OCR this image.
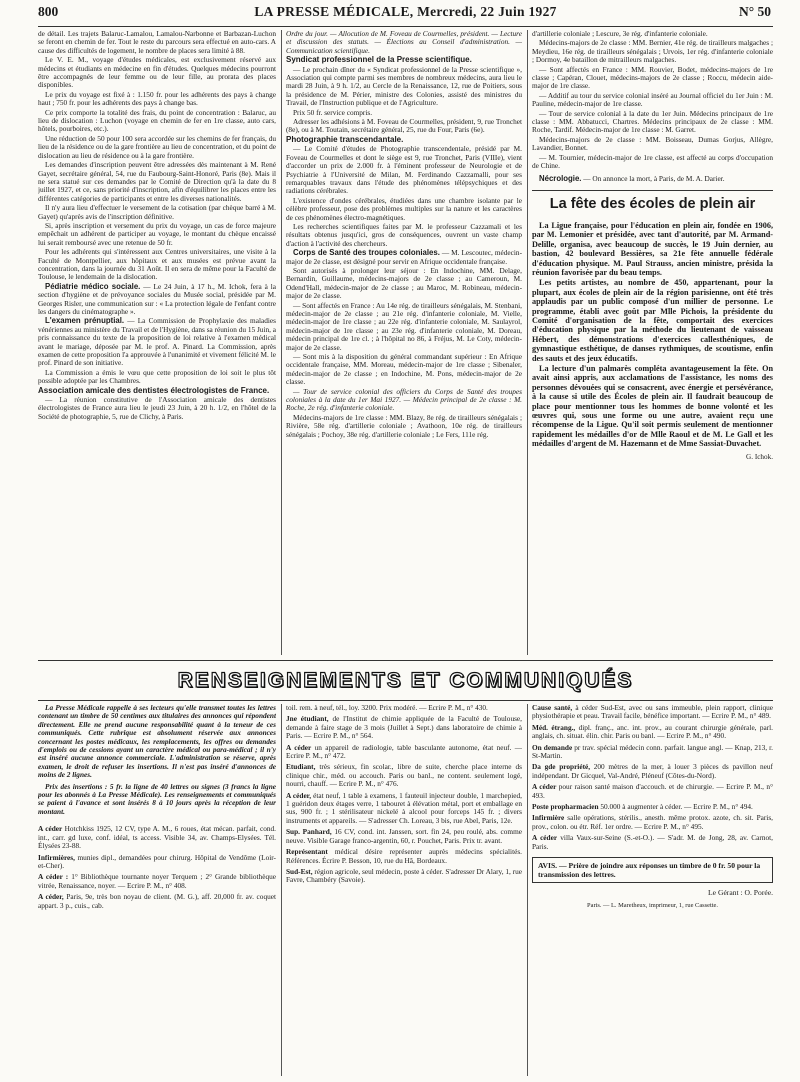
800	LA PRESSE MÉDICALE, Mercredi, 22 Juin 1927	N° 50

de détail. Les trajets Balaruc-Lamalou, Lamalou-Narbonne et Barbazan-Luchon se feront en chemin de fer. Tout le reste du parcours sera effectué en auto-cars. A cause des difficultés de logement, le nombre de places sera limité à 88.

Le V. E. M., voyage d'études médicales, est exclusivement réservé aux médecins et étudiants en médecine en fin d'études. Quelques médecins pourront être accompagnés de leur femme ou de leur fille, au prorata des places disponibles.

Le prix du voyage est fixé à : 1.150 fr. pour les adhérents des pays à change haut ; 750 fr. pour les adhérents des pays à change bas.

Ce prix comporte la totalité des frais, du point de concentration : Balaruc, au lieu de dislocation : Luchon (voyage en chemin de fer en 1re classe, auto cars, hôtels, pourboires, etc.).

Une réduction de 50 pour 100 sera accordée sur les chemins de fer français, du lieu de la résidence ou de la gare frontière au lieu de concentration, et du point de dislocation au lieu de résidence ou à la gare frontière.

Les demandes d'inscription peuvent être adressées dès maintenant à M. René Gayet, secrétaire général, 54, rue du Faubourg-Saint-Honoré, Paris (8e). Mais il ne sera statué sur ces demandes par le Comité de Direction qu'à la date du 8 juillet 1927, et ce, sans priorité d'inscription, afin d'équilibrer les places entre les différentes catégories de participants et entre les diverses nationalités.

Il n'y aura lieu d'effectuer le versement de la cotisation (par chèque barré à M. Gayet) qu'après avis de l'inscription définitive.

Si, après inscription et versement du prix du voyage, un cas de force majeure empêchait un adhérent de participer au voyage, le montant du chèque encaissé lui serait remboursé avec une retenue de 50 fr.

Pour les adhérents qui s'intéressent aux Centres universitaires, une visite à la Faculté de Montpellier, aux hôpitaux et aux musées est prévue avant la concentration, dans la journée du 31 Août. Il en sera de même pour la Faculté de Toulouse, le lendemain de la dislocation.

Pédiatrie médico sociale. — Le 24 Juin, à 17 h., M. Ichok, fera à la section d'hygiène et de prévoyance sociales du Musée social, présidée par M. Georges Risler, une communication sur : « La protection légale de l'enfant contre les dangers du cinématographe ».

L'examen prénuptial. — La Commission de Prophylaxie des maladies vénériennes au ministère du Travail et de l'Hygiène, dans sa réunion du 15 Juin, a pris connaissance du texte de la proposition de loi relative à l'examen médical avant le mariage, déposée par M. le prof. A. Pinard. La Commission, après examen de cette proposition l'a approuvée à l'unanimité et vivement félicité M. le prof. Pinard de son initiative.

La Commission a émis le vœu que cette proposition de loi soit le plus tôt possible adoptée par les Chambres.

Association amicale des dentistes électrologistes de France.

— La réunion constitutive de l'Association amicale des dentistes électrologistes de France aura lieu le jeudi 23 Juin, à 20 h. 1/2, en l'hôtel de la Société de photographie, 5, rue de Clichy, à Paris.

Ordre du jour. — Allocution de M. Foveau de Courmelles, président. — Lecture et discussion des statuts. — Élections au Conseil d'administration. — Communication scientifique.

Syndicat professionnel de la Presse scientifique.

— Le prochain dîner du « Syndicat professionnel de la Presse scientifique », Association qui compte parmi ses membres de nombreux médecins, aura lieu le mardi 28 Juin, à 9 h. 1/2, au Cercle de la Renaissance, 12, rue de Poitiers, sous la présidence de M. Périer, ministre des Colonies, assisté des ministres du Travail, de l'Instruction publique et de l'Agriculture.

Prix 50 fr. service compris.

Adresser les adhésions à M. Foveau de Courmelles, président, 9, rue Tronchet (8e), ou à M. Toutain, secrétaire général, 25, rue du Four, Paris (6e).

Photographie transcendantale.

— Le Comité d'études de Photographie transcendentale, présidé par M. Foveau de Courmelles et dont le siège est 9, rue Tronchet, Paris (VIIIe), vient d'accorder un prix de 2.000 fr. à l'éminent professeur de Neurologie et de Psychiatrie à l'Université de Milan, M. Ferdinando Cazzamalli, pour ses remarquables travaux dans l'étude des phénomènes télépsychiques et des radiations cérébrales.

L'existence d'ondes cérébrales, étudiées dans une chambre isolante par le célèbre professeur, pose des problèmes multiples sur la nature et les caractères de ces phénomènes électro-magnétiques.

Les recherches scientifiques faites par M. le professeur Cazzamali et les résultats obtenus jusqu'ici, gros de conséquences, ouvrent un vaste champ d'action à l'activité des chercheurs.

Corps de Santé des troupes coloniales. — M. Lescoutec, médecin-major de 2e classe, est désigné pour servir en Afrique occidentale française.

Sont autorisés à prolonger leur séjour : En Indochine, MM. Delage, Bernardin, Guillaume, médecins-majors de 2e classe ; au Cameroun, M. Odend'Hall, médecin-major de 2e classe ; au Maroc, M. Robineau, médecin-major de 2e classe.

— Sont affectés en France : Au 14e rég. de tirailleurs sénégalais, M. Stenbani, médecin-major de 2e classe ; au 21e rég. d'infanterie coloniale, M. Vielle, médecin-major de 1re classe ; au 22e rég. d'infanterie coloniale, M. Saulayrol, médecin-major de 1re classe ; au 23e rég. d'infanterie coloniale, M. Doreau, médecin principal de 1re cl. ; à l'hôpital no 86, à Fréjus, M. Le Coty, médecin-major de 2e classe.

— Sont mis à la disposition du général commandant supérieur : En Afrique occidentale française, MM. Moreau, médecin-major de 1re classe ; Sibenaler, médecin-major de 2e classe ; en Indochine, M. Pons, médecin-major de 2e classe.

— Tour de service colonial des officiers du Corps de Santé des troupes coloniales à la date du 1er Mai 1927. — Médecin principal de 2e classe : M. Roche, 2e rég. d'infanterie coloniale.

Médecins-majors de 1re classe : MM. Blazy, 8e rég. de tirailleurs sénégalais ; Rivière, 58e rég. d'artillerie coloniale ; Avathoon, 10e rég. de tirailleurs sénégalais ; Pochoy, 38e rég. d'artillerie coloniale ; Le Fers, 111e rég.

d'artillerie coloniale ; Lescure, 3e rég. d'infanterie coloniale.

Médecins-majors de 2e classe : MM. Bernier, 41e rég. de tirailleurs malgaches ; Meydieu, 16e rég. de tirailleurs sénégalais ; Urvois, 1er rég. d'infanterie coloniale ; Dormoy, 4e bataillon de mitrailleurs malgaches.

— Sont affectés en France : MM. Rouvier, Bodet, médecins-majors de 1re classe ; Capéran, Clouet, médecins-majors de 2e classe ; Roccu, médecin aide-major de 1re classe.

— Additif au tour du service colonial inséré au Journal officiel du 1er Juin : M. Pauline, médecin-major de 1re classe.

— Tour de service colonial à la date du 1er Juin. Médecins principaux de 1re classe : MM. Abbatucci, Chartres. Médecins principaux de 2e classe : MM. Roche, Tardif. Médecin-major de 1re classe : M. Garret.

Médecins-majors de 2e classe : MM. Boisseau, Dumas Gorjus, Allègre, Lavandier, Bonnet.

— M. Tournier, médecin-major de 1re classe, est affecté au corps d'occupation de Chine.

Nécrologie. — On annonce la mort, à Paris, de M. A. Darier.

La fête des écoles de plein air

La Ligue française, pour l'éducation en plein air, fondée en 1906, par M. Lemonier et présidée, avec tant d'autorité, par M. Armand-Delille, organisa, avec beaucoup de succès, le 19 Juin dernier, au bastion, 42 boulevard Bessières, sa 21e fête annuelle fédérale d'éducation physique. M. Paul Strauss, ancien ministre, présida la réunion favorisée par du beau temps.

Les petits artistes, au nombre de 450, appartenant, pour la plupart, aux écoles de plein air de la région parisienne, ont été très applaudis par un public composé d'un millier de personne. Le programme, établi avec goût par Mlle Pichois, la présidente du Comité d'organisation de la fête, comportait des exercices d'éducation physique par la méthode du lieutenant de vaisseau Hébert, des démonstrations d'exercices callesthéniques, de gymnastique esthétique, de danses rythmiques, de scoutisme, enfin des sauts et des jeux éducatifs.

La lecture d'un palmarès compléta avantageusement la fête. On avait ainsi appris, aux acclamations de l'assistance, les noms des personnes dévouées qui se consacrent, avec énergie et persévérance, à la cause si utile des Écoles de plein air. Il faudrait beaucoup de place pour mentionner tous les hommes de bonne volonté et les œuvres qui, sous une forme ou une autre, avaient reçu une récompense de la Ligue. Qu'il soit permis seulement de mentionner rapidement les médailles d'or de Mlle Raoul et de M. Le Gall et les médailles d'argent de M. Hazemann et de Mme Sassiat-Duvachet.

G. Ichok.
RENSEIGNEMENTS ET COMMUNIQUÉS

La Presse Médicale rappelle à ses lecteurs qu'elle transmet toutes les lettres contenant un timbre de 50 centimes aux titulaires des annonces qui répondent directement. Elle ne prend aucune responsabilité quant à la teneur de ces communiqués. Cette rubrique est absolument réservée aux annonces concernant les postes médicaux, les remplacements, les offres ou demandes d'emplois ou de cessions ayant un caractère médical ou para-médical ; il n'y est inséré aucune annonce commerciale. L'administration se réserve, après examen, le droit de refuser les insertions. Il n'est pas inséré d'annonces de moins de 2 lignes.

Prix des insertions : 5 fr. la ligne de 40 lettres ou signes (3 francs la ligne pour les abonnés à La Presse Médicale). Les renseignements et communiqués se paient à l'avance et sont insérés 8 à 10 jours après la réception de leur montant.

A céder Hotchkiss 1925, 12 CV, type A. M., 6 roues, état mécan. parfait, cond. int., carr. gd luxe, conf. idéal, ts access. Visible 34, av. Champs-Elysées. Tél. Élysées 23-88.

Infirmières, munies dipl., demandées pour chirurg. Hôpital de Vendôme (Loir-et-Cher).

A céder : 1° Bibliothèque tournante noyer Terquem ; 2° Grande bibliothèque vitrée, Renaissance, noyer. — Ecrire P. M., n° 408.

A céder, Paris, 9e, très bon noyau de client. (M. G.), aff. 20,000 fr. av. coquet appart. 3 p., cuis., cab.

toil. rem. à neuf, tél., loy. 3200. Prix modéré. — Ecrire P. M., n° 430.

Jne étudiant, de l'Institut de chimie appliquée de la Faculté de Toulouse, demande à faire stage de 3 mois (Juillet à Sept.) dans laboratoire de chimie à Paris. — Ecrire P. M., n° 564.

A céder un appareil de radiologie, table basculante autonome, état neuf. — Ecrire P. M., n° 472.

Etudiant, très sérieux, fin scolar., libre de suite, cherche place interne ds clinique chir., méd. ou accouch. Paris ou banl., ne content. seulement logé, nourri, chauff. — Ecrire P. M., n° 476.

A céder, état neuf, 1 table à examens, 1 fauteuil injecteur double, 1 marchepied, 1 guéridon deux étages verre, 1 tabouret à élévation métal, port et emballage en sus, 900 fr. ; 1 stérilisateur nickelé à alcool pour forceps 145 fr. ; divers instruments et appareils. — S'adresser Ch. Loreau, 3 bis, rue Abel, Paris, 12e.

Sup. Panhard, 16 CV, cond. int. Janssen, sort. fin 24, peu roulé, abs. comme neuve. Visible Garage franco-argentin, 60, r. Pouchet, Paris. Prix tr. avant.

Représentant médical désire représenter auprès médecins spécialités. Références. Écrire P. Besson, 10, rue du Hâ, Bordeaux.

Sud-Est, région agricole, seul médecin, poste à céder. S'adresser Dr Alary, 1, rue Favre, Chambéry (Savoie).

Cause santé, à céder Sud-Est, avec ou sans immeuble, plein rapport, clinique physiothérapie et peau. Travail facile, bénéfice important. — Ecrire P. M., n° 489.

Méd. étrang., dipl. franç., anc. int. prov., au courant chirurgie générale, parl. anglais, ch. situat. élin. chir. Paris ou banl. — Ecrire P. M., n° 490.

On demande pr trav. spécial médecin conn. parfait. langue angl. — Knap, 213, r. St-Martin.

Da gde propriété, 200 mètres de la mer, à louer 3 pièces ds pavillon neuf indépendant. Dr Gicquel, Val-André, Pléneuf (Côtes-du-Nord).

A céder pour raison santé maison d'accouch. et de chirurgie. — Ecrire P. M., n° 493.

Poste propharmacien 50.000 à augmenter à céder. — Ecrire P. M., n° 494.

Infirmière salle opérations, stérilis., anesth. même protox. azote, ch. sit. Paris, prov., colon. ou étr. Réf. 1er ordre. — Ecrire P. M., n° 495.

A céder villa Vaux-sur-Seine (S.-et-O.). — S'adr. M. de Jong, 28, av. Carnot, Paris.

AVIS. — Prière de joindre aux réponses un timbre de 0 fr. 50 pour la transmission des lettres.
Le Gérant : O. Porée.
Paris. — L. Maretheux, imprimeur, 1, rue Cassette.
